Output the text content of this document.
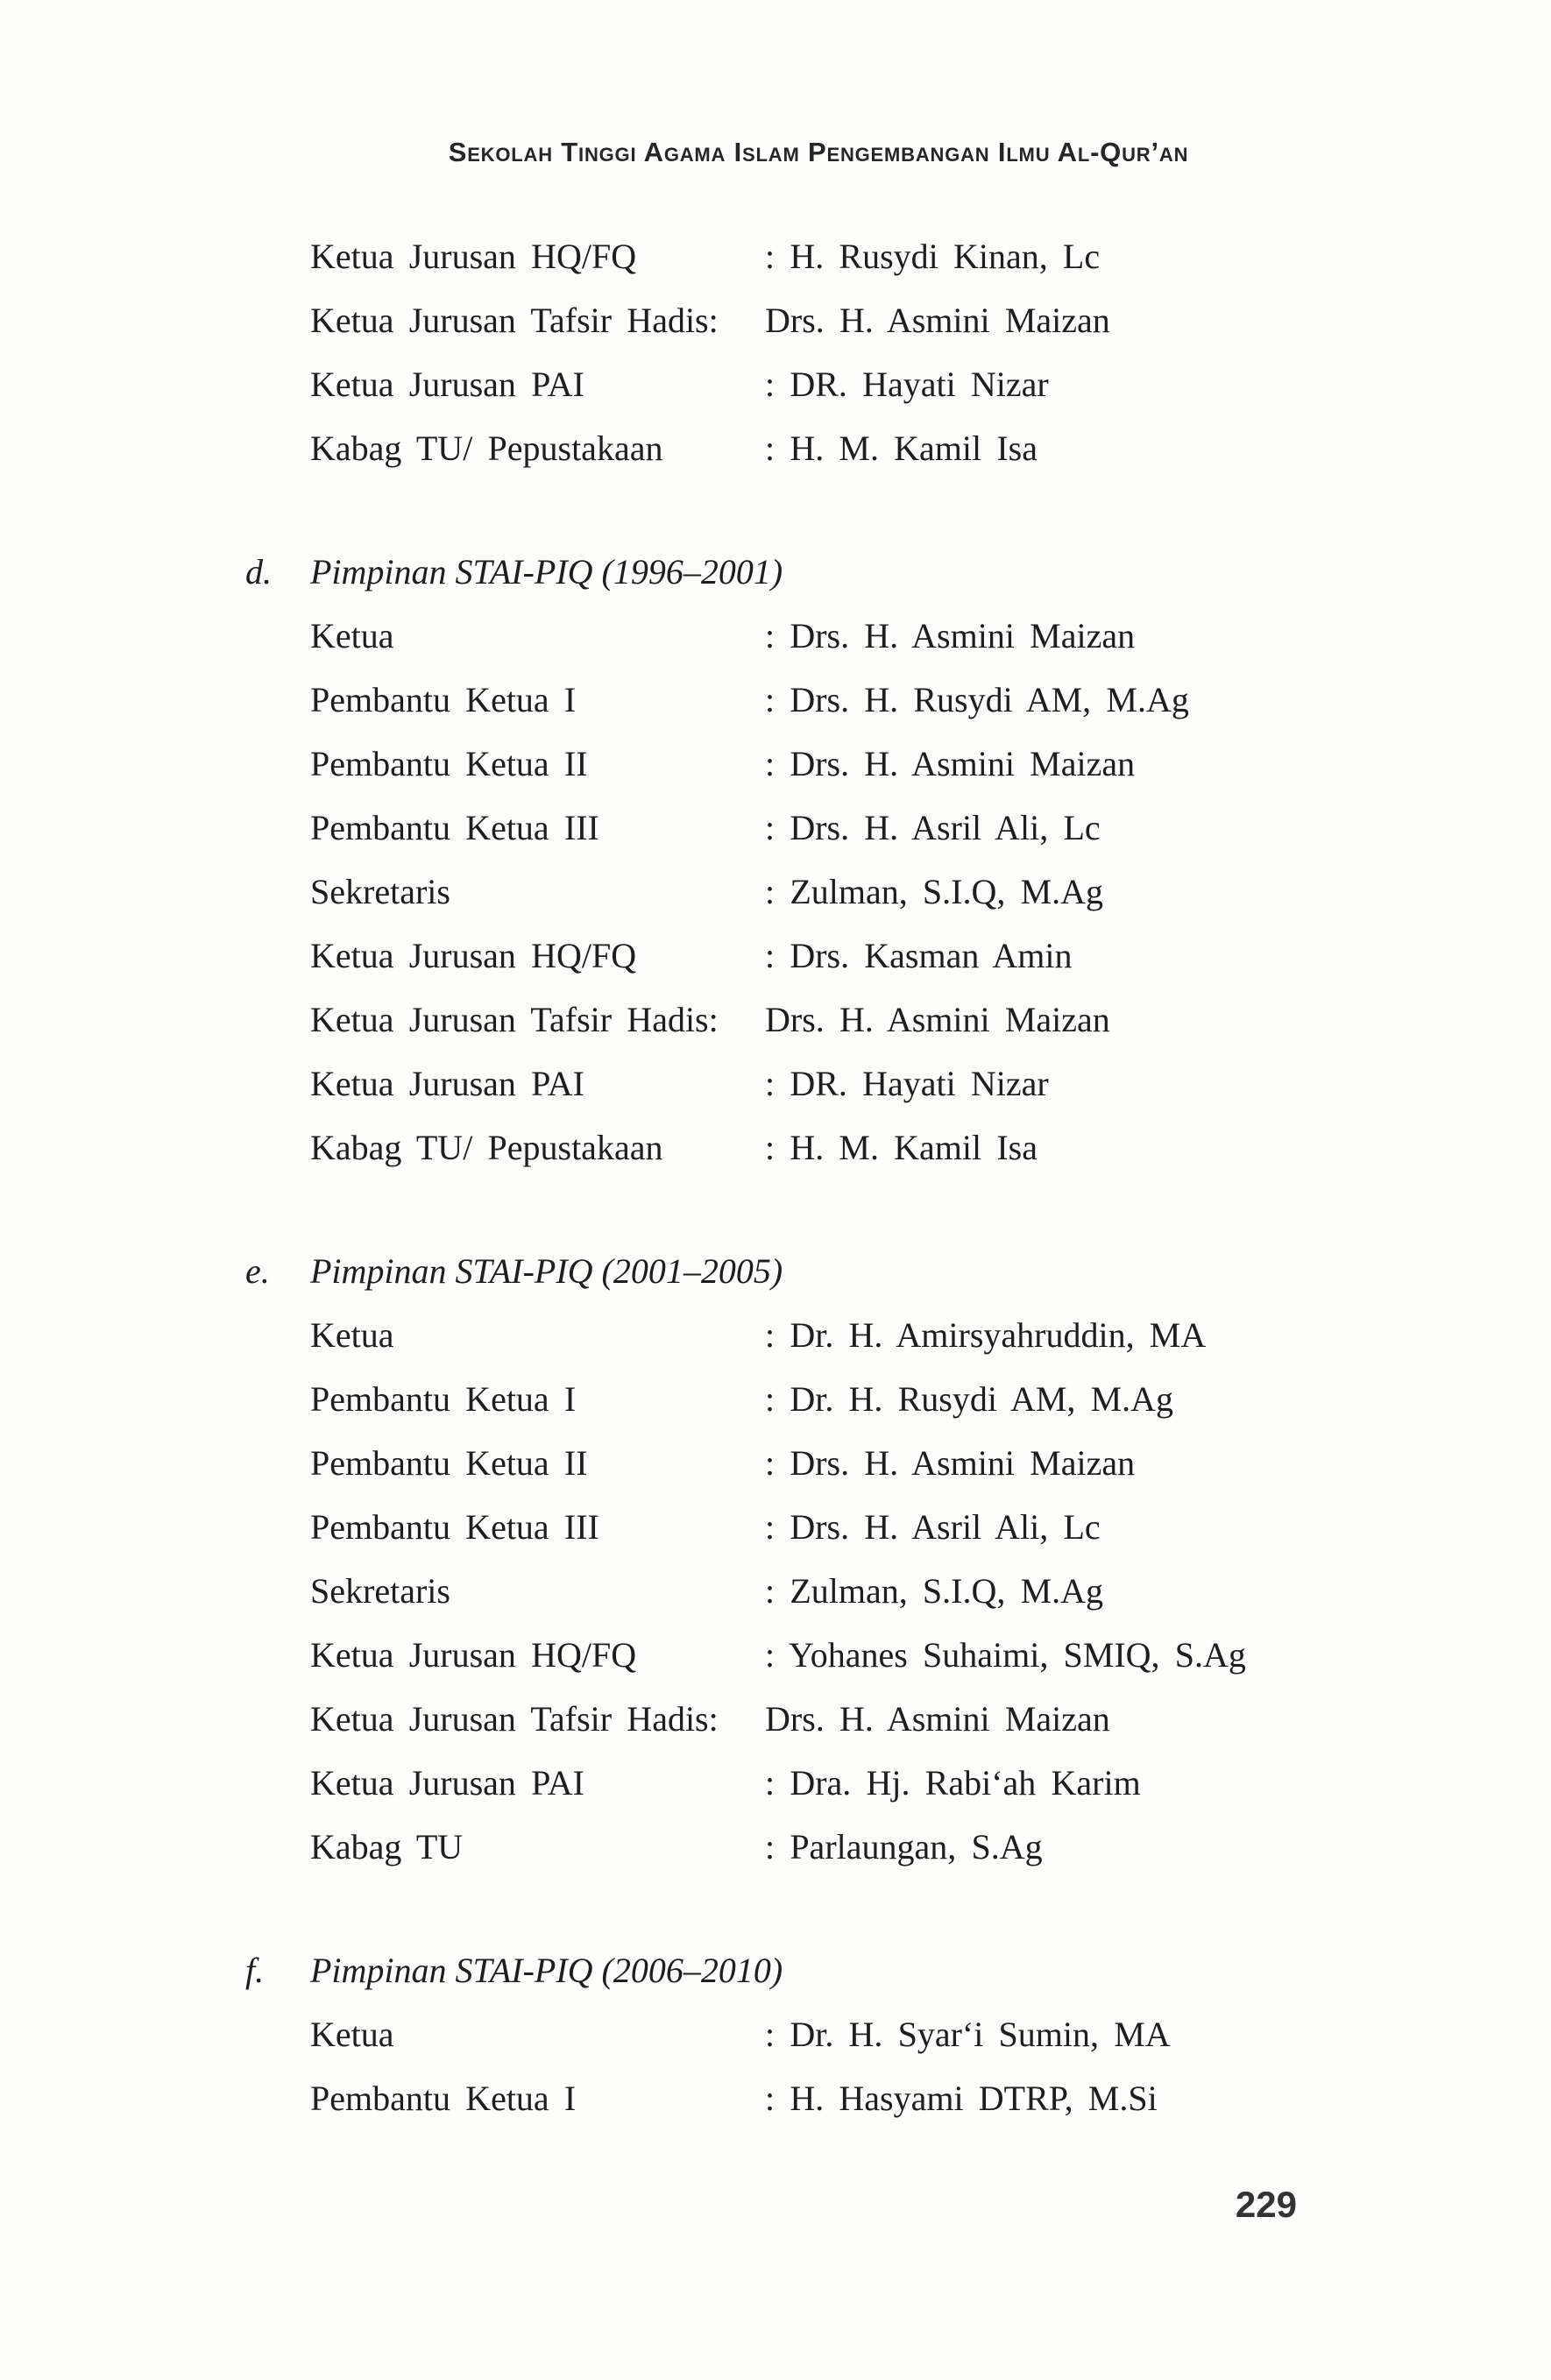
Sekolah Tinggi Agama Islam Pengembangan Ilmu Al-Qur’an
Ketua Jurusan HQ/FQ	: H. Rusydi Kinan, Lc
Ketua Jurusan Tafsir Hadis:	Drs. H. Asmini Maizan
Ketua Jurusan PAI	: DR. Hayati Nizar
Kabag TU/ Pepustakaan	: H. M. Kamil Isa
d. Pimpinan STAI-PIQ (1996–2001)
Ketua	: Drs. H. Asmini Maizan
Pembantu Ketua I	: Drs. H. Rusydi AM, M.Ag
Pembantu Ketua II	: Drs. H. Asmini Maizan
Pembantu Ketua III	: Drs. H. Asril Ali, Lc
Sekretaris	: Zulman, S.I.Q, M.Ag
Ketua Jurusan HQ/FQ	: Drs. Kasman Amin
Ketua Jurusan Tafsir Hadis:	Drs. H. Asmini Maizan
Ketua Jurusan PAI	: DR. Hayati Nizar
Kabag TU/ Pepustakaan	: H. M. Kamil Isa
e. Pimpinan STAI-PIQ (2001–2005)
Ketua	: Dr. H. Amirsyahruddin, MA
Pembantu Ketua I	: Dr. H. Rusydi AM, M.Ag
Pembantu Ketua II	: Drs. H. Asmini Maizan
Pembantu Ketua III	: Drs. H. Asril Ali, Lc
Sekretaris	: Zulman, S.I.Q, M.Ag
Ketua Jurusan HQ/FQ	: Yohanes Suhaimi, SMIQ, S.Ag
Ketua Jurusan Tafsir Hadis:	Drs. H. Asmini Maizan
Ketua Jurusan PAI	: Dra. Hj. Rabi‘ah Karim
Kabag TU	: Parlaungan, S.Ag
f. Pimpinan STAI-PIQ (2006–2010)
Ketua	: Dr. H. Syar‘i Sumin, MA
Pembantu Ketua I	: H. Hasyami DTRP, M.Si
229
